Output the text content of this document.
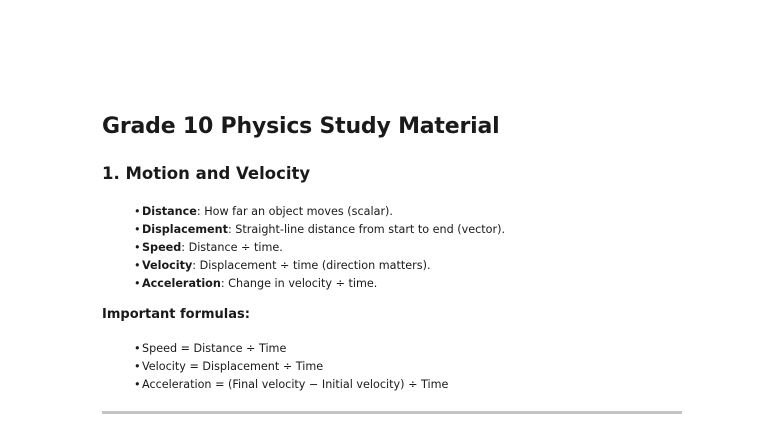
Grade 10 Physics Study Material
1. Motion and Velocity
•Distance: How far an object moves (scalar).
•Displacement: Straight-line distance from start to end (vector).
•Speed: Distance ÷ time.
•Velocity: Displacement ÷ time (direction matters).
•Acceleration: Change in velocity ÷ time.
Important formulas:
•Speed = Distance ÷ Time
•Velocity = Displacement ÷ Time
•Acceleration = (Final velocity − Initial velocity) ÷ Time
